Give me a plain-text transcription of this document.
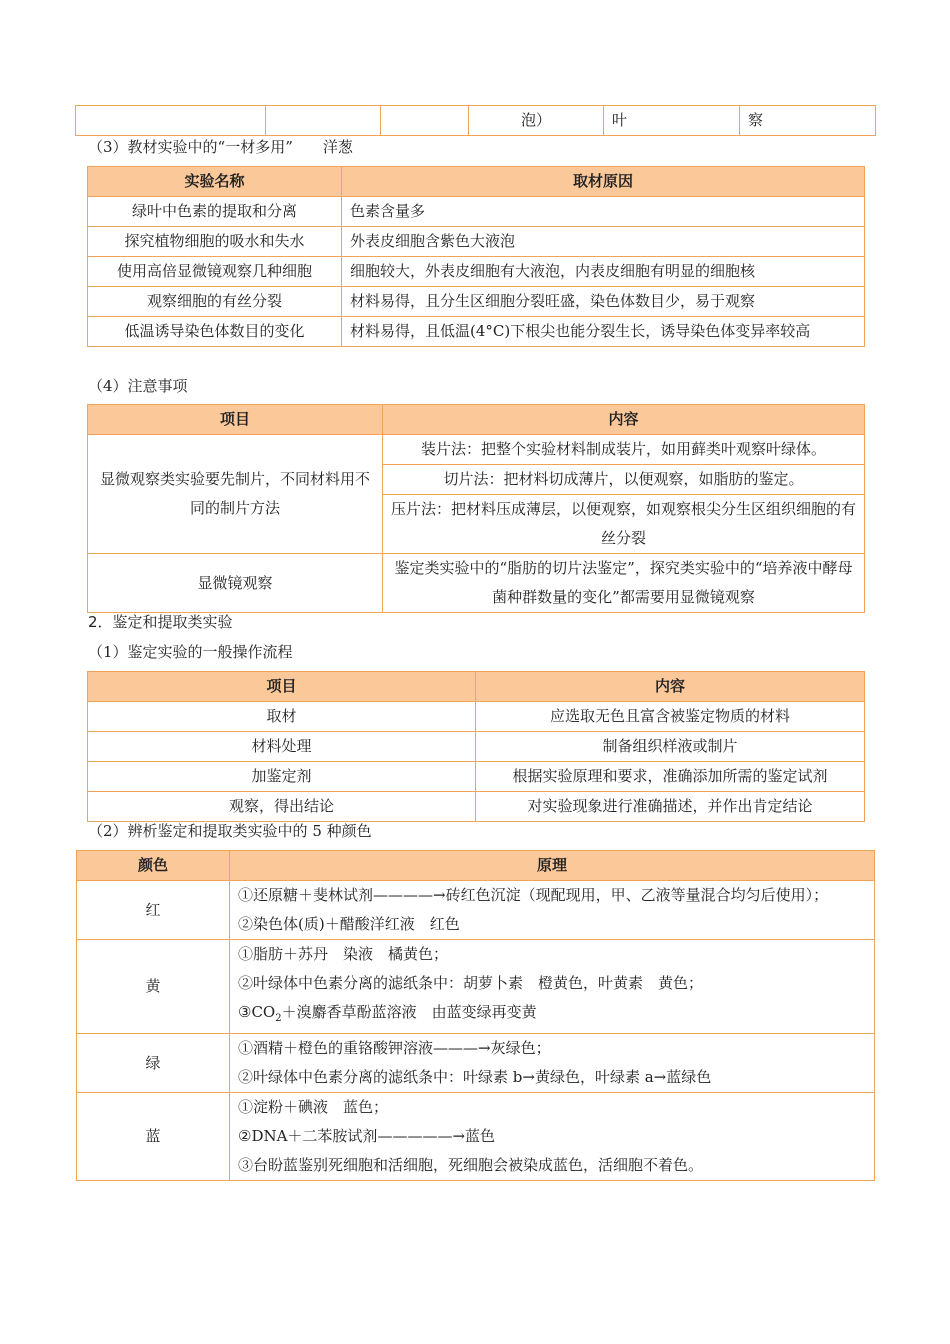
			泡）	叶	察
（3）教材实验中的“一材多用”　　 洋葱
实验名称	取材原因
绿叶中色素的提取和分离	色素含量多
探究植物细胞的吸水和失水	外表皮细胞含紫色大液泡
使用高倍显微镜观察几种细胞	细胞较大，外表皮细胞有大液泡，内表皮细胞有明显的细胞核
观察细胞的有丝分裂	材料易得，且分生区细胞分裂旺盛，染色体数目少，易于观察
低温诱导染色体数目的变化	材料易得，且低温(4°C)下根尖也能分裂生长，诱导染色体变异率较高
（4）注意事项
项目	内容
显微观察类实验要先制片，不同材料用不同的制片方法	装片法：把整个实验材料制成装片，如用藓类叶观察叶绿体。
	切片法：把材料切成薄片，以便观察，如脂肪的鉴定。
	压片法：把材料压成薄层，以便观察，如观察根尖分生区组织细胞的有丝分裂
显微镜观察	鉴定类实验中的“脂肪的切片法鉴定”，探究类实验中的“培养液中酵母菌种群数量的变化”都需要用显微镜观察
2．鉴定和提取类实验
（1）鉴定实验的一般操作流程
项目	内容
取材	应选取无色且富含被鉴定物质的材料
材料处理	制备组织样液或制片
加鉴定剂	根据实验原理和要求，准确添加所需的鉴定试剂
观察，得出结论	对实验现象进行准确描述，并作出肯定结论
（2）辨析鉴定和提取类实验中的 5 种颜色
颜色	原理
红	①还原糖＋斐林试剂————→砖红色沉淀（现配现用，甲、乙液等量混合均匀后使用）；
②染色体(质)＋醋酸洋红液　红色

黄	①脂肪＋苏丹　染液　橘黄色；
②叶绿体中色素分离的滤纸条中：胡萝卜素　橙黄色，叶黄素　黄色；
$③CO_2+$溴麝香草酚蓝溶液　由蓝变绿再变黄

绿	①酒精＋橙色的重铬酸钾溶液———→灰绿色；
②叶绿体中色素分离的滤纸条中：叶绿素 b→黄绿色，叶绿素 a→蓝绿色

蓝	①淀粉＋碘液　蓝色；
②DNA＋二苯胺试剂—————→蓝色
③台盼蓝鉴别死细胞和活细胞，死细胞会被染成蓝色，活细胞不着色。
